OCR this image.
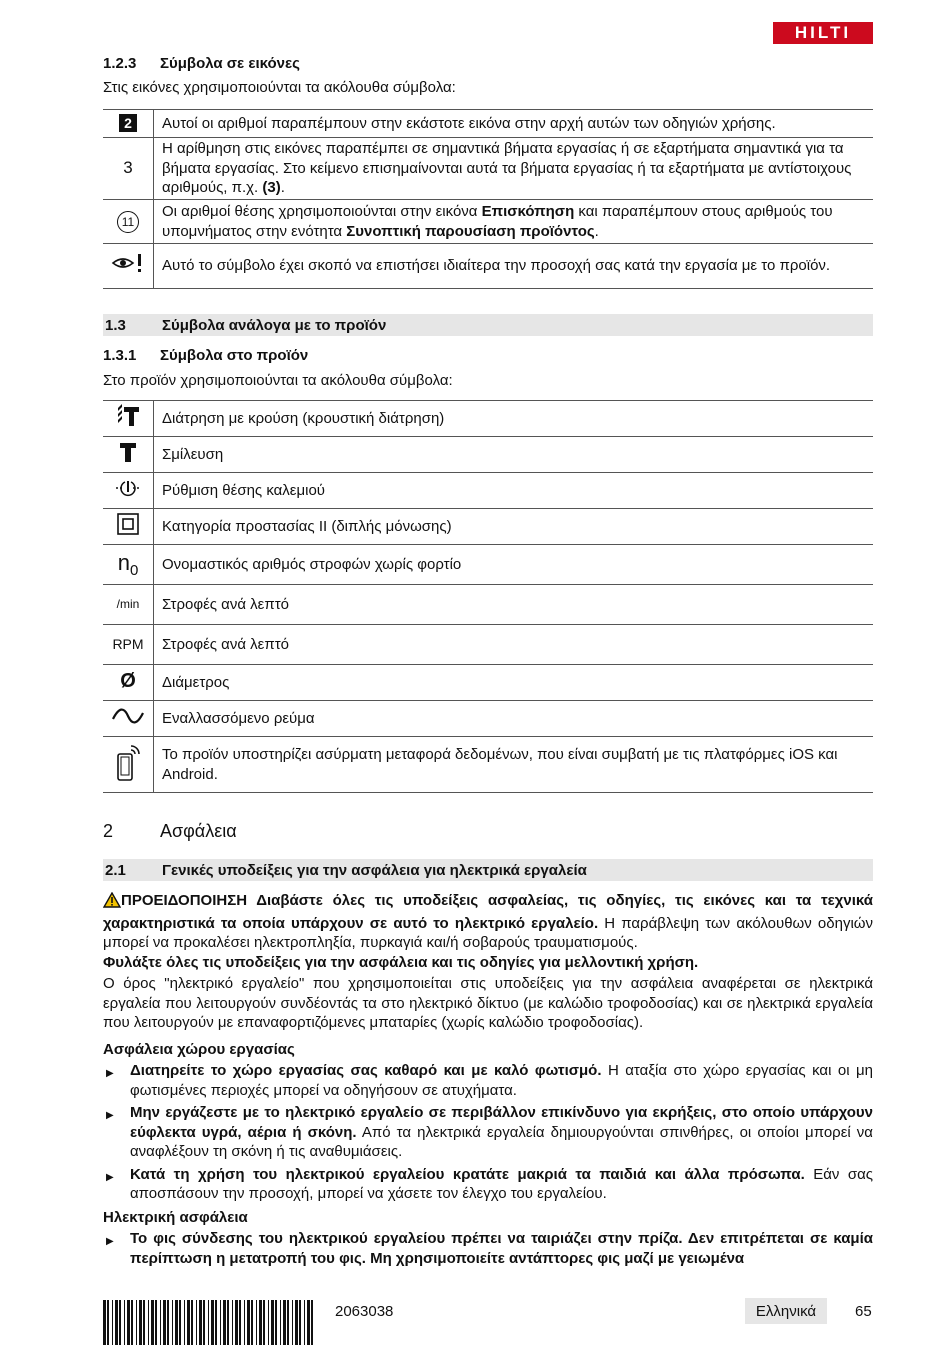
HILTI
1.2.3	Σύμβολα σε εικόνες
Στις εικόνες χρησιμοποιούνται τα ακόλουθα σύμβολα:
2	Αυτοί οι αριθμοί παραπέμπουν στην εκάστοτε εικόνα στην αρχή αυτών των οδηγιών χρήσης.
3	Η αρίθμηση στις εικόνες παραπέμπει σε σημαντικά βήματα εργασίας ή σε εξαρτήματα σημαντικά για τα βήματα εργασίας. Στο κείμενο επισημαίνονται αυτά τα βήματα εργασίας ή τα εξαρτήματα με αντίστοιχους αριθμούς, π.χ. (3).
11	Οι αριθμοί θέσης χρησιμοποιούνται στην εικόνα Επισκόπηση και παραπέμπουν στους αριθμούς του υπομνήματος στην ενότητα Συνοπτική παρουσίαση προϊόντος.
	Αυτό το σύμβολο έχει σκοπό να επιστήσει ιδιαίτερα την προσοχή σας κατά την εργασία με το προϊόν.
1.3	Σύμβολα ανάλογα με το προϊόν
1.3.1	Σύμβολα στο προϊόν
Στο προϊόν χρησιμοποιούνται τα ακόλουθα σύμβολα:
	Διάτρηση με κρούση (κρουστική διάτρηση)
	Σμίλευση
	Ρύθμιση θέσης καλεμιού
	Κατηγορία προστασίας II (διπλής μόνωσης)
n0	Ονομαστικός αριθμός στροφών χωρίς φορτίο
/min	Στροφές ανά λεπτό
RPM	Στροφές ανά λεπτό
Ø	Διάμετρος
	Εναλλασσόμενο ρεύμα
	Το προϊόν υποστηρίζει ασύρματη μεταφορά δεδομένων, που είναι συμβατή με τις πλατφόρμες iOS και Android.
2	Ασφάλεια
2.1	Γενικές υποδείξεις για την ασφάλεια για ηλεκτρικά εργαλεία
ΠΡΟΕΙΔΟΠΟΙΗΣΗ Διαβάστε όλες τις υποδείξεις ασφαλείας, τις οδηγίες, τις εικόνες και τα τεχνικά χαρακτηριστικά τα οποία υπάρχουν σε αυτό το ηλεκτρικό εργαλείο. Η παράβλεψη των ακόλουθων οδηγιών μπορεί να προκαλέσει ηλεκτροπληξία, πυρκαγιά και/ή σοβαρούς τραυματισμούς.
Φυλάξτε όλες τις υποδείξεις για την ασφάλεια και τις οδηγίες για μελλοντική χρήση.
Ο όρος "ηλεκτρικό εργαλείο" που χρησιμοποιείται στις υποδείξεις για την ασφάλεια αναφέρεται σε ηλεκτρικά εργαλεία που λειτουργούν συνδέοντάς τα στο ηλεκτρικό δίκτυο (με καλώδιο τροφοδοσίας) και σε ηλεκτρικά εργαλεία που λειτουργούν με επαναφορτιζόμενες μπαταρίες (χωρίς καλώδιο τροφοδοσίας).
Ασφάλεια χώρου εργασίας
▶	Διατηρείτε το χώρο εργασίας σας καθαρό και με καλό φωτισμό. Η αταξία στο χώρο εργασίας και οι μη φωτισμένες περιοχές μπορεί να οδηγήσουν σε ατυχήματα.
▶	Μην εργάζεστε με το ηλεκτρικό εργαλείο σε περιβάλλον επικίνδυνο για εκρήξεις, στο οποίο υπάρχουν εύφλεκτα υγρά, αέρια ή σκόνη. Από τα ηλεκτρικά εργαλεία δημιουργούνται σπινθήρες, οι οποίοι μπορεί να αναφλέξουν τη σκόνη ή τις αναθυμιάσεις.
▶	Κατά τη χρήση του ηλεκτρικού εργαλείου κρατάτε μακριά τα παιδιά και άλλα πρόσωπα. Εάν σας αποσπάσουν την προσοχή, μπορεί να χάσετε τον έλεγχο του εργαλείου.
Ηλεκτρική ασφάλεια
▶	Το φις σύνδεσης του ηλεκτρικού εργαλείου πρέπει να ταιριάζει στην πρίζα. Δεν επιτρέπεται σε καμία περίπτωση η μετατροπή του φις. Μη χρησιμοποιείτε αντάπτορες φις μαζί με γειωμένα
2063038	Ελληνικά	65
